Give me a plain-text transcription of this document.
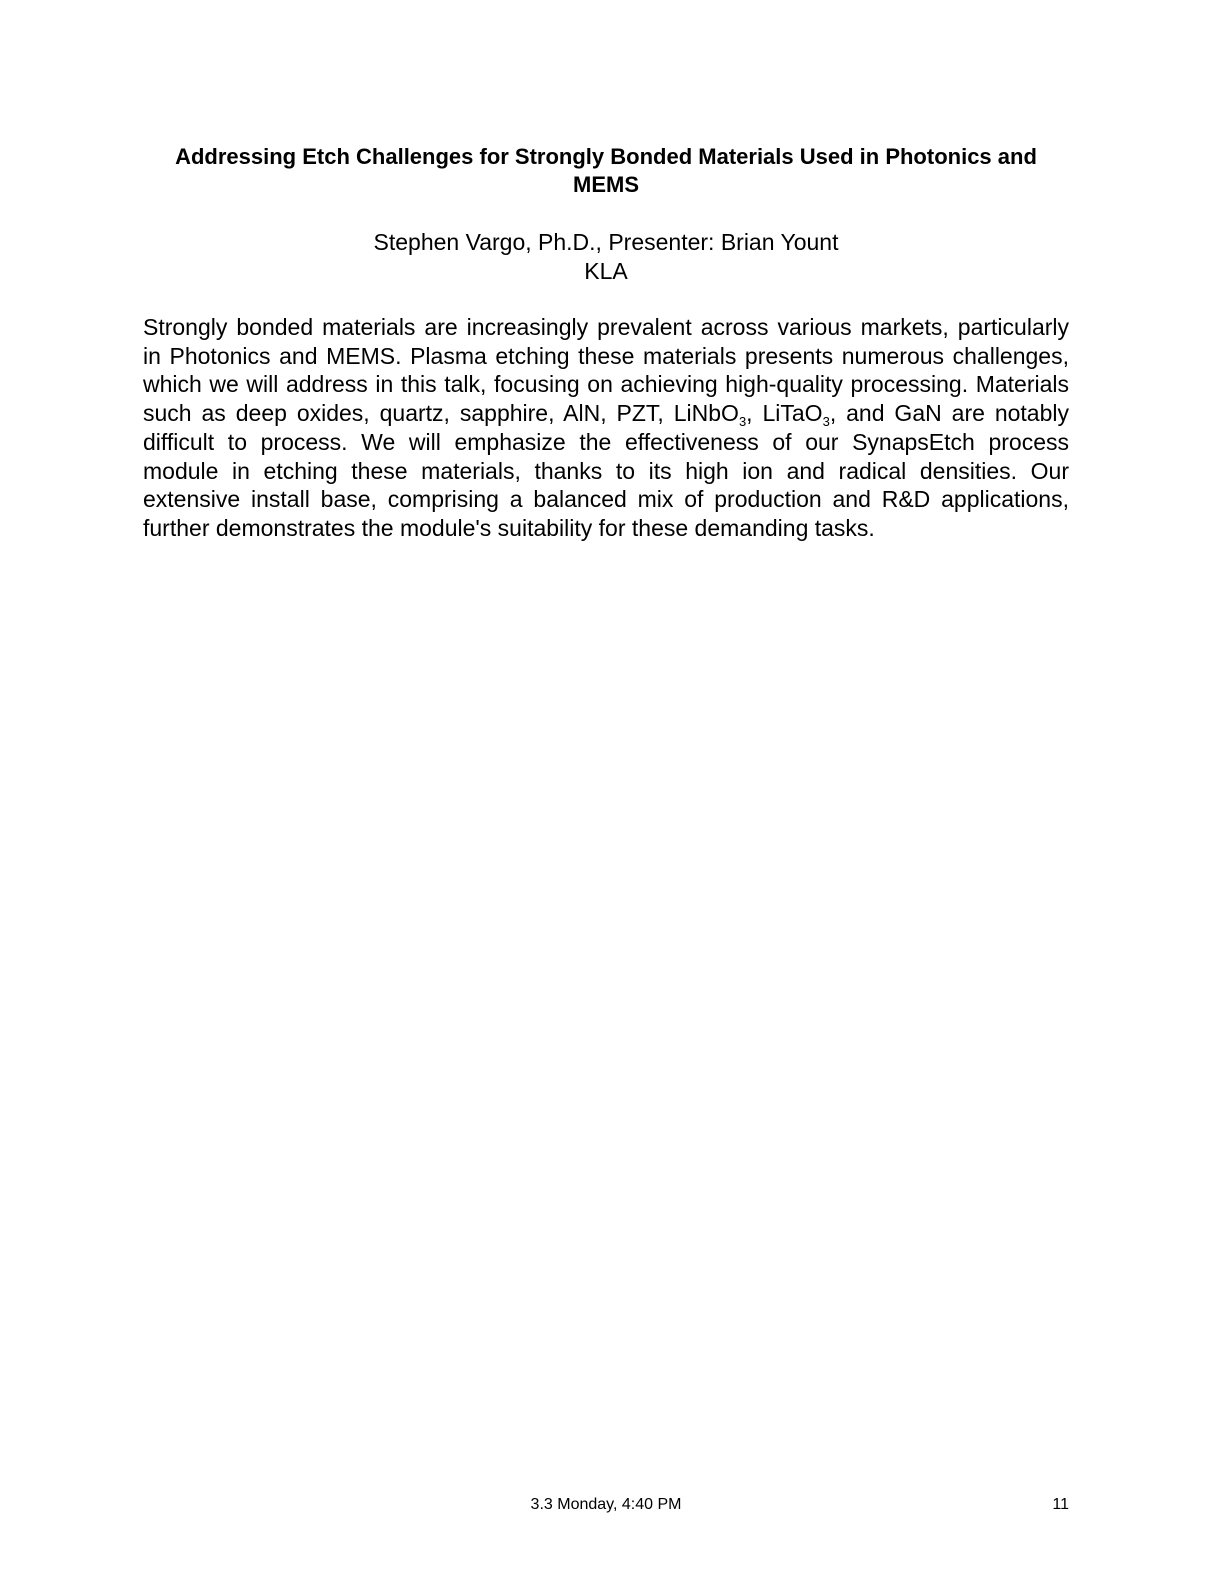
Addressing Etch Challenges for Strongly Bonded Materials Used in Photonics and MEMS
Stephen Vargo, Ph.D., Presenter: Brian Yount
KLA

Strongly bonded materials are increasingly prevalent across various markets, particularly in Photonics and MEMS. Plasma etching these materials presents numerous challenges, which we will address in this talk, focusing on achieving high-quality processing. Materials such as deep oxides, quartz, sapphire, AlN, PZT, LiNbO$_3$, LiTaO$_3$, and GaN are notably difficult to process. We will emphasize the effectiveness of our SynapsEtch process module in etching these materials, thanks to its high ion and radical densities. Our extensive install base, comprising a balanced mix of production and R&D applications, further demonstrates the module's suitability for these demanding tasks.

3.3 Monday, 4:40 PM	11
